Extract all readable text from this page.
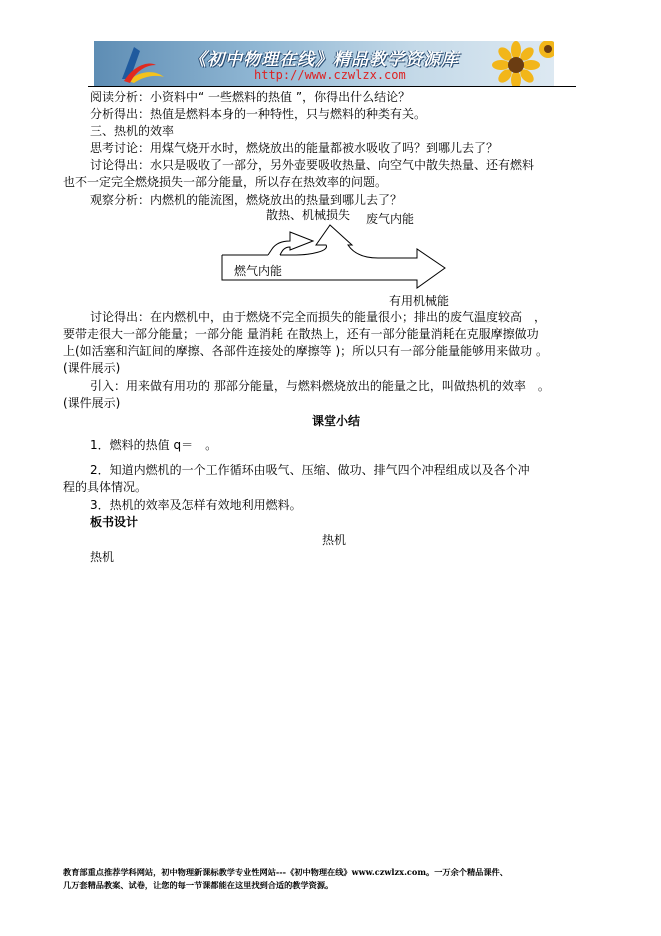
《初中物理在线》精品教学资源库
http://www.czwlzx.com
阅读分析：小资料中“ 一些燃料的热值 ”，你得出什么结论？
分析得出：热值是燃料本身的一种特性，只与燃料的种类有关。
三、热机的效率
思考讨论：用煤气烧开水时，燃烧放出的能量都被水吸收了吗？到哪儿去了？
讨论得出：水只是吸收了一部分，另外壶要吸收热量、向空气中散失热量、还有燃料
也不一定完全燃烧损失一部分能量，所以存在热效率的问题。
观察分析：内燃机的能流图，燃烧放出的热量到哪儿去了？
散热、机械损失 废气内能
燃气内能
有用机械能
讨论得出：在内燃机中，由于燃烧不完全而损失的能量很小；排出的废气温度较高　，
要带走很大一部分能量；一部分能 量消耗 在散热上，还有一部分能量消耗在克服摩擦做功
上(如活塞和汽缸间的摩擦、各部件连接处的摩擦等 )；所以只有一部分能量能够用来做功 。
(课件展示)
引入：用来做有用功的 那部分能量，与燃料燃烧放出的能量之比，叫做热机的效率　。
(课件展示)
课堂小结
1．燃料的热值 q＝　。
2．知道内燃机的一个工作循环由吸气、压缩、做功、排气四个冲程组成以及各个冲
程的具体情况。
3．热机的效率及怎样有效地利用燃料。
板书设计
热机
热机
教育部重点推荐学科网站，初中物理新课标教学专业性网站---《初中物理在线》www.czwlzx.com。一万余个精品课件、
几万套精品教案、试卷，让您的每一节课都能在这里找到合适的教学资源。
